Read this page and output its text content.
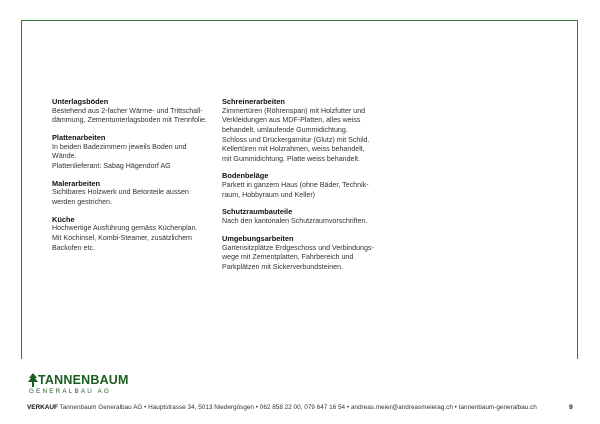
Unterlagsböden
Bestehend aus 2-facher Wärme- und Trittschall-
dämmung, Zementunterlagsboden mit Trennfolie.
Plattenarbeiten
In beiden Badezimmern jeweils Boden und
Wände.
Plattenlieferant: Sabag Hägendorf AG
Malerarbeiten
Sichtbares Holzwerk und Betonteile aussen
werden gestrichen.
Küche
Hochwertige Ausführung gemäss Küchenplan.
Mit Kochinsel, Kombi-Steamer, zusätzlichem
Backofen etc.
Schreinerarbeiten
Zimmertüren (Röhrenspan) mit Holzfutter und
Verkleidungen aus MDF-Platten, alles weiss
behandelt, umlaufende Gummidichtung.
Schloss und Drückergarnitur (Glutz) mit Schild.
Kellertüren mit Holzrahmen, weiss behandelt,
mit Gummidichtung. Platte weiss behandelt.
Bodenbeläge
Parkett in ganzem Haus (ohne Bäder, Technik-
raum, Hobbyraum und Keller)
Schutzraumbauteile
Nach den kantonalen Schutzraumvorschriften.
Umgebungsarbeiten
Gartensitzplätze Erdgeschoss und Verbindungs-
wege mit Zementplatten, Fahrbereich und
Parkplätzen mit Sickerverbundsteinen.
TANNENBAUM
GENERALBAU AG
VERKAUF Tannenbaum Generalbau AG • Hauptstrasse 34, 5013 Niedergösgen • 062 858 22 00, 079 647 16 54 • andreas.meier@andreasmeierag.ch • tannenbaum-generalbau.ch	9
